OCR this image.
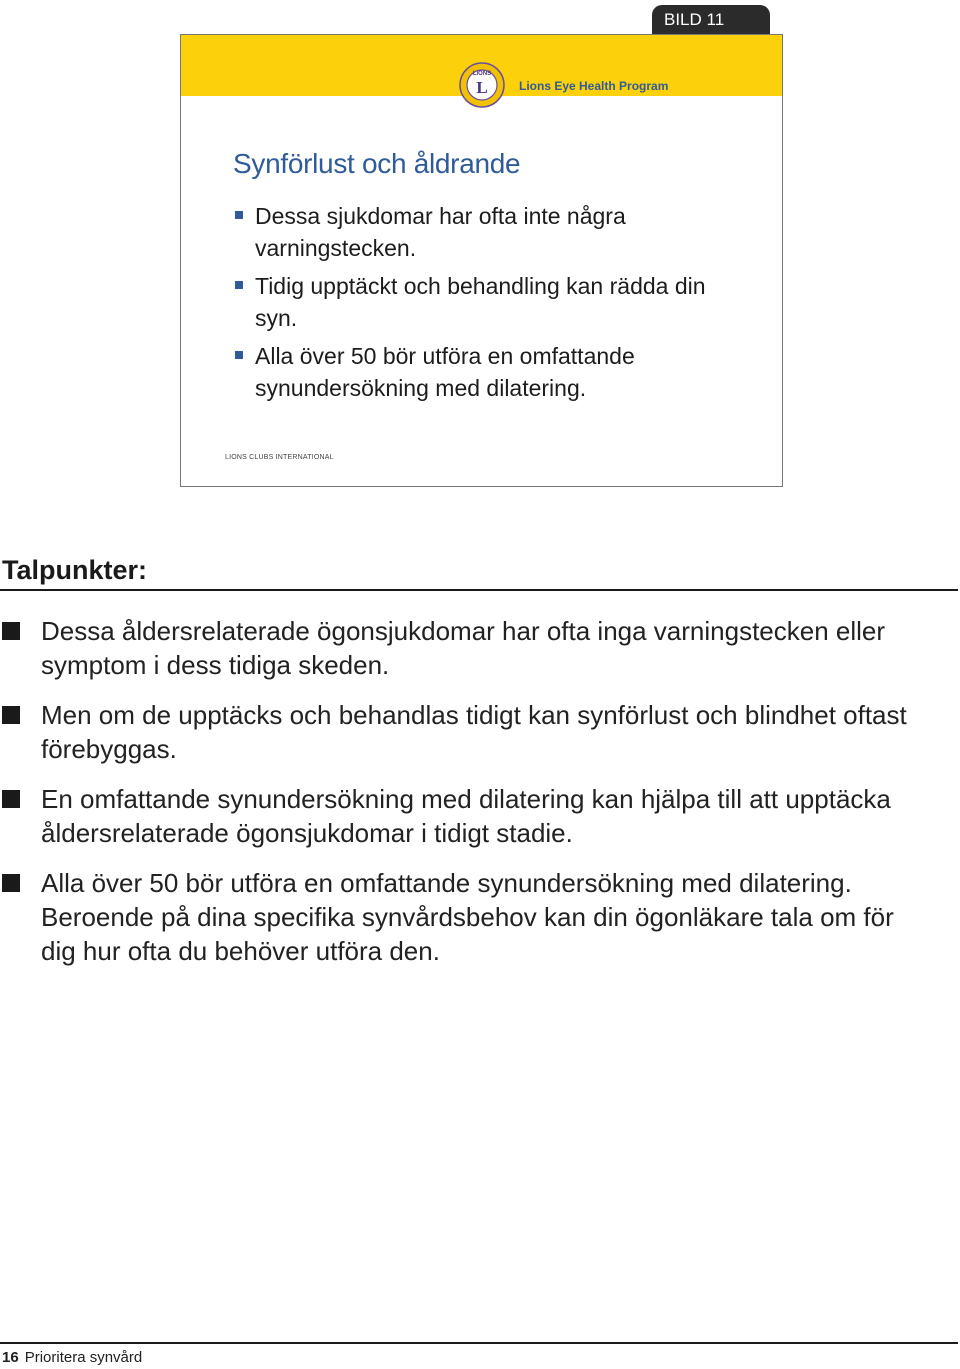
BILD 11
LIONS
L	Lions Eye Health Program
Synförlust och åldrande
Dessa sjukdomar har ofta inte några varningstecken.
Tidig upptäckt och behandling kan rädda din syn.
Alla över 50 bör utföra en omfattande synundersökning med dilatering.
LIONS CLUBS INTERNATIONAL
Talpunkter:
Dessa åldersrelaterade ögonsjukdomar har ofta inga varningstecken eller symptom i dess tidiga skeden.
Men om de upptäcks och behandlas tidigt kan synförlust och blindhet oftast förebyggas.
En omfattande synundersökning med dilatering kan hjälpa till att upptäcka åldersrelaterade ögonsjukdomar i tidigt stadie.
Alla över 50 bör utföra en omfattande synundersökning med dilatering. Beroende på dina specifika synvårdsbehov kan din ögonläkare tala om för dig hur ofta du behöver utföra den.
16 Prioritera synvård
